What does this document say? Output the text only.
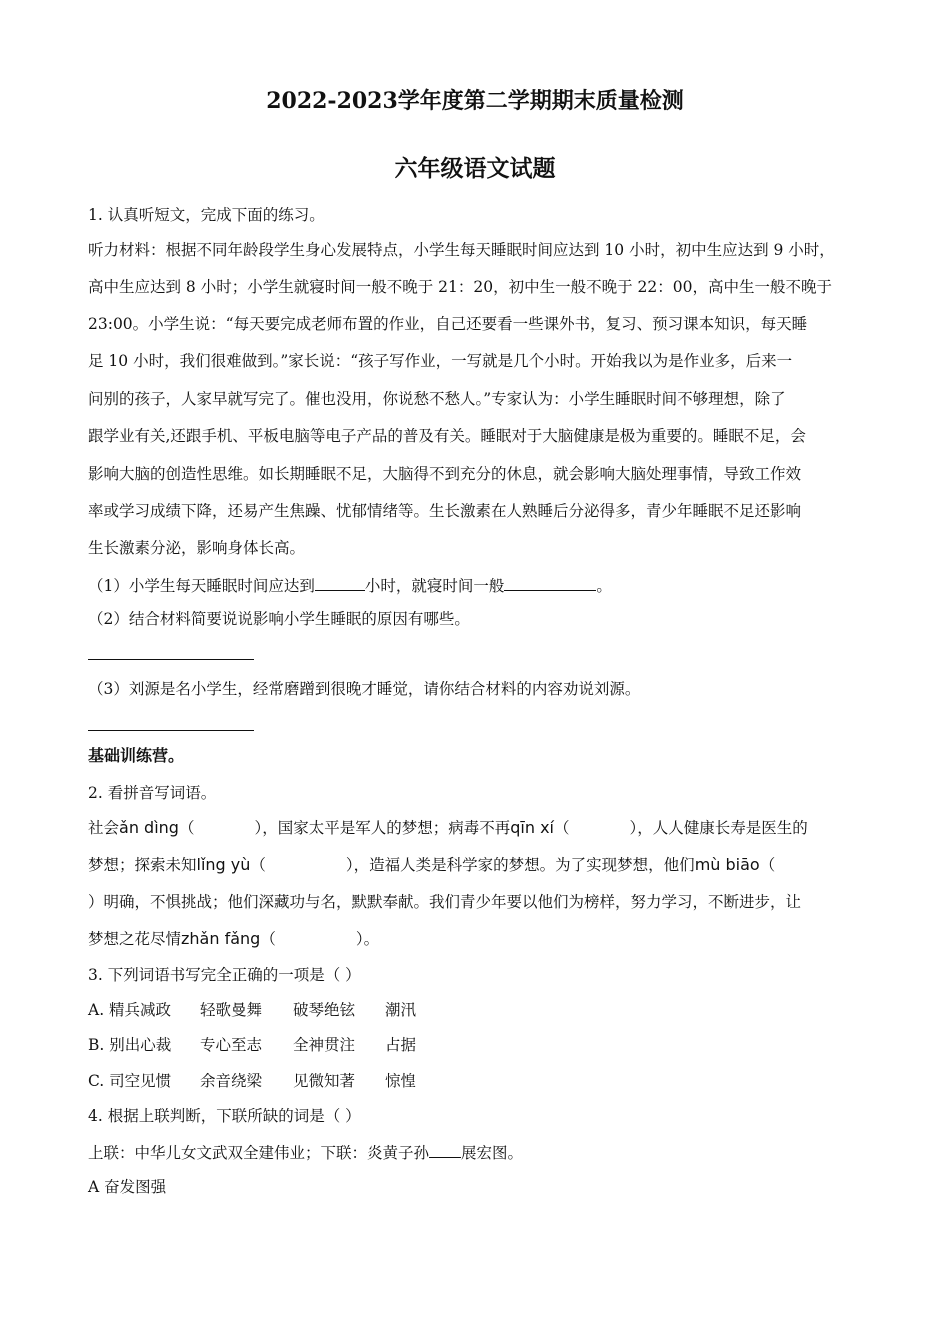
2022-2023学年度第二学期期末质量检测
六年级语文试题
1. 认真听短文，完成下面的练习。
听力材料：根据不同年龄段学生身心发展特点，小学生每天睡眠时间应达到 10 小时，初中生应达到 9 小时，
高中生应达到 8 小时；小学生就寝时间一般不晚于 21：20，初中生一般不晚于 22：00，高中生一般不晚于
23:00。小学生说：“每天要完成老师布置的作业，自己还要看一些课外书，复习、预习课本知识，每天睡
足 10 小时，我们很难做到。”家长说：“孩子写作业，一写就是几个小时。开始我以为是作业多，后来一
问别的孩子，人家早就写完了。催也没用，你说愁不愁人。”专家认为：小学生睡眠时间不够理想，除了
跟学业有关,还跟手机、平板电脑等电子产品的普及有关。睡眠对于大脑健康是极为重要的。睡眠不足，会
影响大脑的创造性思维。如长期睡眠不足，大脑得不到充分的休息，就会影响大脑处理事情，导致工作效
率或学习成绩下降，还易产生焦躁、忧郁情绪等。生长激素在人熟睡后分泌得多，青少年睡眠不足还影响
生长激素分泌，影响身体长高。
（1）小学生每天睡眠时间应达到	小时，就寝时间一般	。
（2）结合材料简要说说影响小学生睡眠的原因有哪些。
（3）刘源是名小学生，经常磨蹭到很晚才睡觉，请你结合材料的内容劝说刘源。
基础训练营。
2. 看拼音写词语。
社会ǎn dìng（	），国家太平是军人的梦想；病毒不再qīn xí（	），人人健康长寿是医生的
梦想；探索未知lǐng yù（	），造福人类是科学家的梦想。为了实现梦想，他们mù biāo（
）明确，不惧挑战；他们深藏功与名，默默奉献。我们青少年要以他们为榜样，努力学习，不断进步，让
梦想之花尽情zhǎn fǎng（	）。
3. 下列词语书写完全正确的一项是（ ）
A. 精兵减政 轻歌曼舞 破琴绝铉 潮汛
B. 别出心裁 专心至志 全神贯注 占据
C. 司空见惯 余音绕梁 见微知著 惊惶
4. 根据上联判断，下联所缺的词是（ ）
上联：中华儿女文武双全建伟业；下联：炎黄子孙 展宏图。
A 奋发图强
